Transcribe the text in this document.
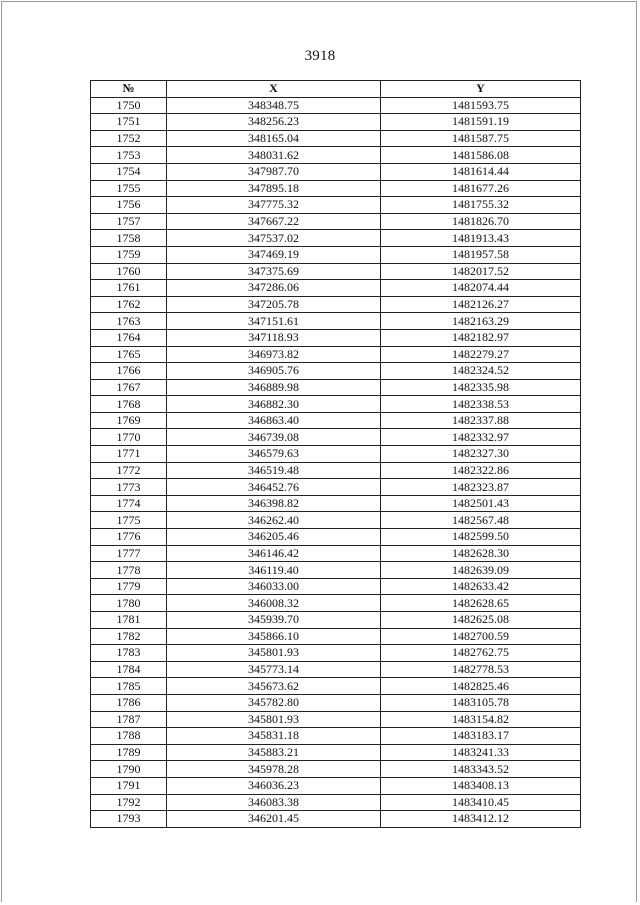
3918
№	X	Y
1750	348348.75	1481593.75
1751	348256.23	1481591.19
1752	348165.04	1481587.75
1753	348031.62	1481586.08
1754	347987.70	1481614.44
1755	347895.18	1481677.26
1756	347775.32	1481755.32
1757	347667.22	1481826.70
1758	347537.02	1481913.43
1759	347469.19	1481957.58
1760	347375.69	1482017.52
1761	347286.06	1482074.44
1762	347205.78	1482126.27
1763	347151.61	1482163.29
1764	347118.93	1482182.97
1765	346973.82	1482279.27
1766	346905.76	1482324.52
1767	346889.98	1482335.98
1768	346882.30	1482338.53
1769	346863.40	1482337.88
1770	346739.08	1482332.97
1771	346579.63	1482327.30
1772	346519.48	1482322.86
1773	346452.76	1482323.87
1774	346398.82	1482501.43
1775	346262.40	1482567.48
1776	346205.46	1482599.50
1777	346146.42	1482628.30
1778	346119.40	1482639.09
1779	346033.00	1482633.42
1780	346008.32	1482628.65
1781	345939.70	1482625.08
1782	345866.10	1482700.59
1783	345801.93	1482762.75
1784	345773.14	1482778.53
1785	345673.62	1482825.46
1786	345782.80	1483105.78
1787	345801.93	1483154.82
1788	345831.18	1483183.17
1789	345883.21	1483241.33
1790	345978.28	1483343.52
1791	346036.23	1483408.13
1792	346083.38	1483410.45
1793	346201.45	1483412.12
